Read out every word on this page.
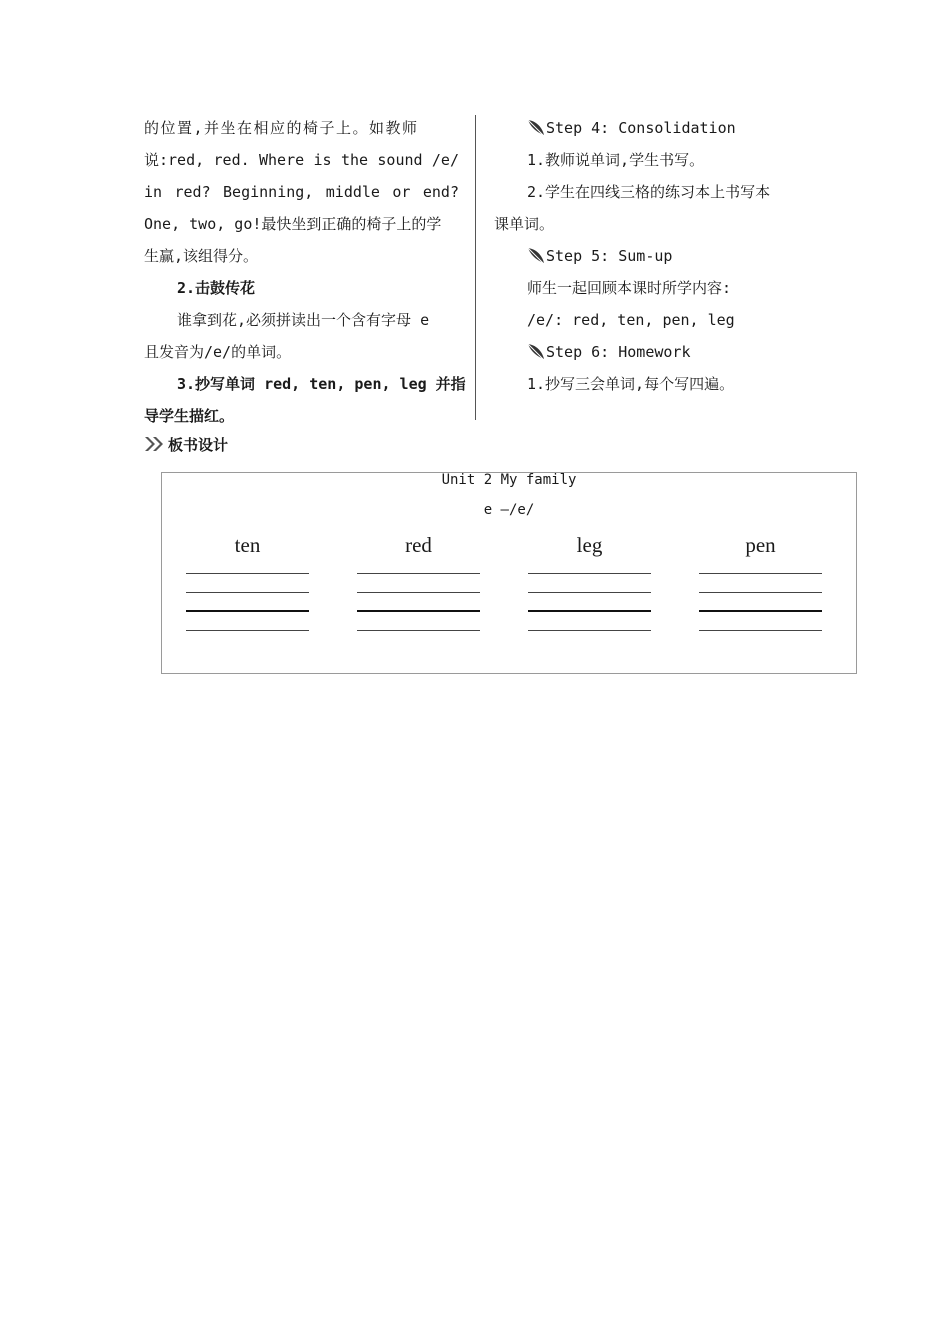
的位置,并坐在相应的椅子上。如教师
说:red, red. Where is the sound /e/
in red? Beginning, middle or end?
One, two, go!最快坐到正确的椅子上的学
生赢,该组得分。
2.击鼓传花
谁拿到花,必须拼读出一个含有字母 e
且发音为/e/的单词。
3.抄写单词 red, ten, pen, leg 并指
导学生描红。
Step 4: Consolidation
1.教师说单词,学生书写。
2.学生在四线三格的练习本上书写本
课单词。
Step 5: Sum-up
师生一起回顾本课时所学内容:
/e/: red, ten, pen, leg
Step 6: Homework
1.抄写三会单词,每个写四遍。
板书设计
Unit 2 My family
e —/e/
ten	red	leg	pen
